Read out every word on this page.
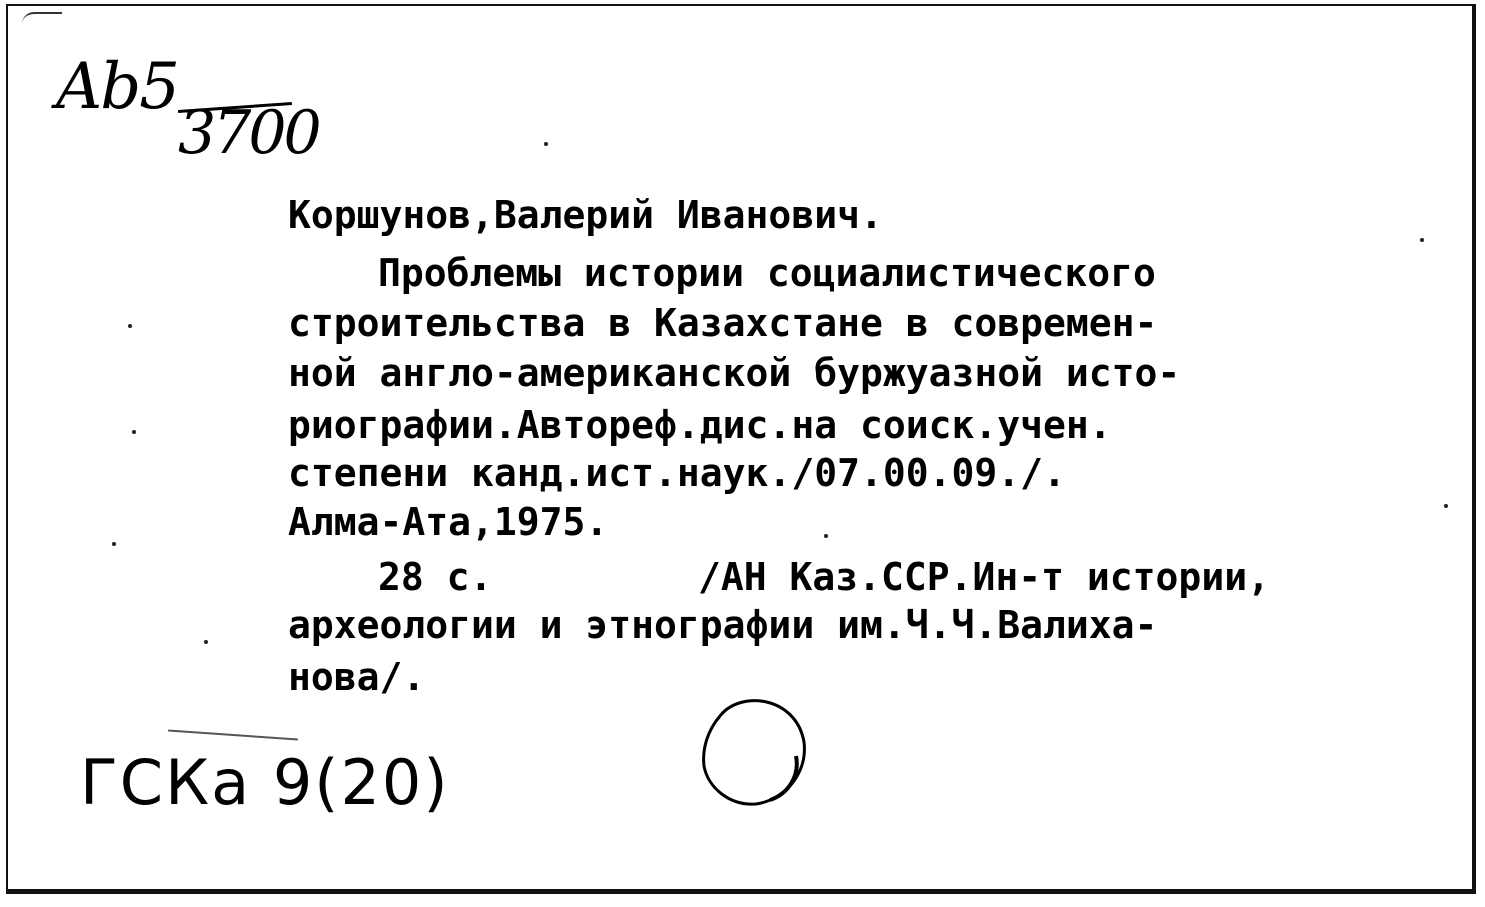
Ab5
3700
Коршунов,Валерий Иванович.
Проблемы истории социалистического
строительства в Казахстане в современ-
ной англо-американской буржуазной исто-
риографии.Автореф.дис.на соиск.учен.
степени канд.ист.наук./07.00.09./.
Алма-Ата,1975.
28 с.	/АН Каз.ССР.Ин-т истории,
археологии и этнографии им.Ч.Ч.Валиха-
нова/.
ГСКа 9(20)
